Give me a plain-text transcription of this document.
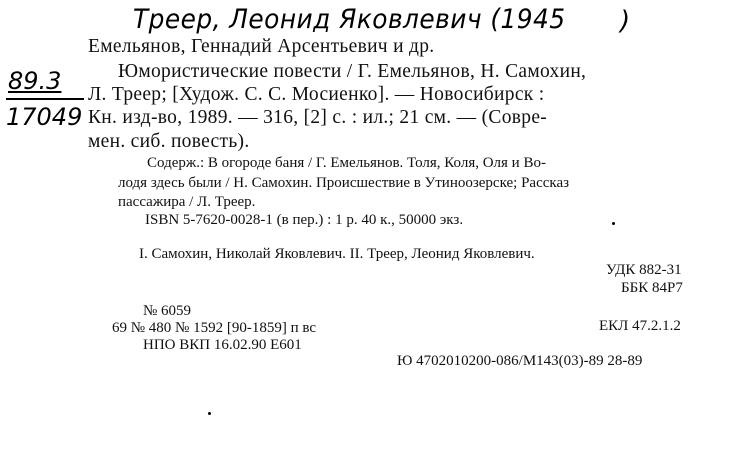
Треер, Леонид Яковлевич (1945 )
89.3
17049
Емельянов, Геннадий Арсентьевич и др.
Юмористические повести / Г. Емельянов, Н. Самохин,
Л. Треер; [Худож. С. С. Мосиенко]. — Новосибирск :
Кн. изд-во, 1989. — 316, [2] с. : ил.; 21 см. — (Совре-
мен. сиб. повесть).
Содерж.: В огороде баня / Г. Емельянов. Толя, Коля, Оля и Во-
лодя здесь были / Н. Самохин. Происшествие в Утиноозерске; Рассказ
пассажира / Л. Треер.
ISBN 5-7620-0028-1 (в пер.) : 1 р. 40 к., 50000 экз.
I. Самохин, Николай Яковлевич. II. Треер, Леонид Яковлевич.
УДК 882-31
ББК 84Р7
№ 6059
69 № 480 № 1592 [90-1859] п вс	ЕКЛ 47.2.1.2
НПО ВКП 16.02.90 Е601
Ю 4702010200-086/М143(03)-89 28-89
